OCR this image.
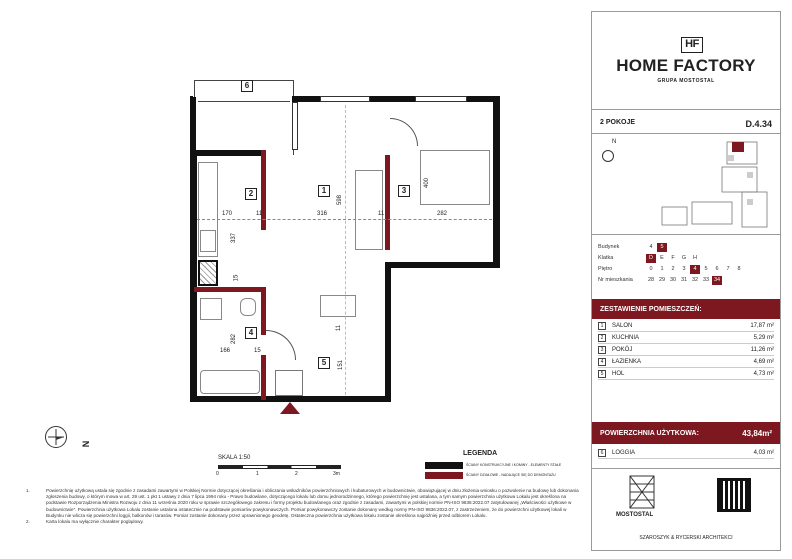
1
2	3
4
5
6
598
400
170	11	316	11	282
337
15
282
11
166	15
151
N
SKALA 1:50
0	1	2	3m
LEGENDA
ŚCIANY KONSTRUKCYJNE I KOMINY - ELEMENTY STAŁE
ŚCIANY DZIAŁOWE - NADAJĄCE SIĘ DO DEMONTAŻU
1.	Powierzchnię użytkową ustala się zgodnie z zasadami zawartymi w Polskiej Normie dotyczącej określania i obliczania wskaźników powierzchniowych i kubaturowych w budownictwie, obowiązującej w dniu złożenia wniosku o pozwolenie na budowę lub dokonania zgłoszenia budowy, o którym mowa w art. 29 ust. 1 pkt 1 ustawy z dnia 7 lipca 1994 roku - Prawo budowlane, dotyczącego lokalu lub domu jednorodzinnego, którego powierzchnię jest ustalana, a tym samym powierzchnia użytkowa Lokalu jest określona na podstawie Rozporządzenia Ministra Rozwoju z dnia 11 września 2020 roku w sprawie szczegółowego zakresu i formy projektu budowlanego oraz zgodnie z zasadami, zawartymi w polskiej normie PN-ISO 9836:2022.07 zatytułowanej „Właściwości użytkowe w budownictwie". Powierzchnia użytkowa Lokalu zostanie ustalona ostatecznie na podstawie pomiarów powykonawczych. Pomiar powykonawczy zostanie dokonany według normy PN-ISO 9836:2022.07, z zastrzeżeniem, że do powierzchni użytkowej lokali w Budynku nie wlicza się powierzchni loggii, balkonów i tarasów. Pomiar zostanie dokonany przez uprawnionego geodetę. Ostateczna powierzchnia użytkowa lokalu zostanie określona najpóźniej przed odbiorem Lokalu.
2.	Karta lokalu ma wyłącznie charakter poglądowy.
HF
HOME FACTORY
GRUPA MOSTOSTAL
2 POKOJE	D.4.34
N
Budynek	4	5
Klatka	D	E	F	G	H
Piętro	0	1	2	3	4	5	6	7	8
Nr mieszkania	28 29 30 31 32 33 34
ZESTAWIENIE POMIESZCZEŃ:
1	SALON	17,87 m²
2	KUCHNIA	5,29 m²
3	POKÓJ	11,26 m²
4	ŁAZIENKA	4,69 m²
5	HOL	4,73 m²
POWIERZCHNIA UŻYTKOWA:	43,84m²
6	LOGGIA	4,03 m²
MOSTOSTAL
SZAROSZYK & RYCERSKI ARCHITEKCI
